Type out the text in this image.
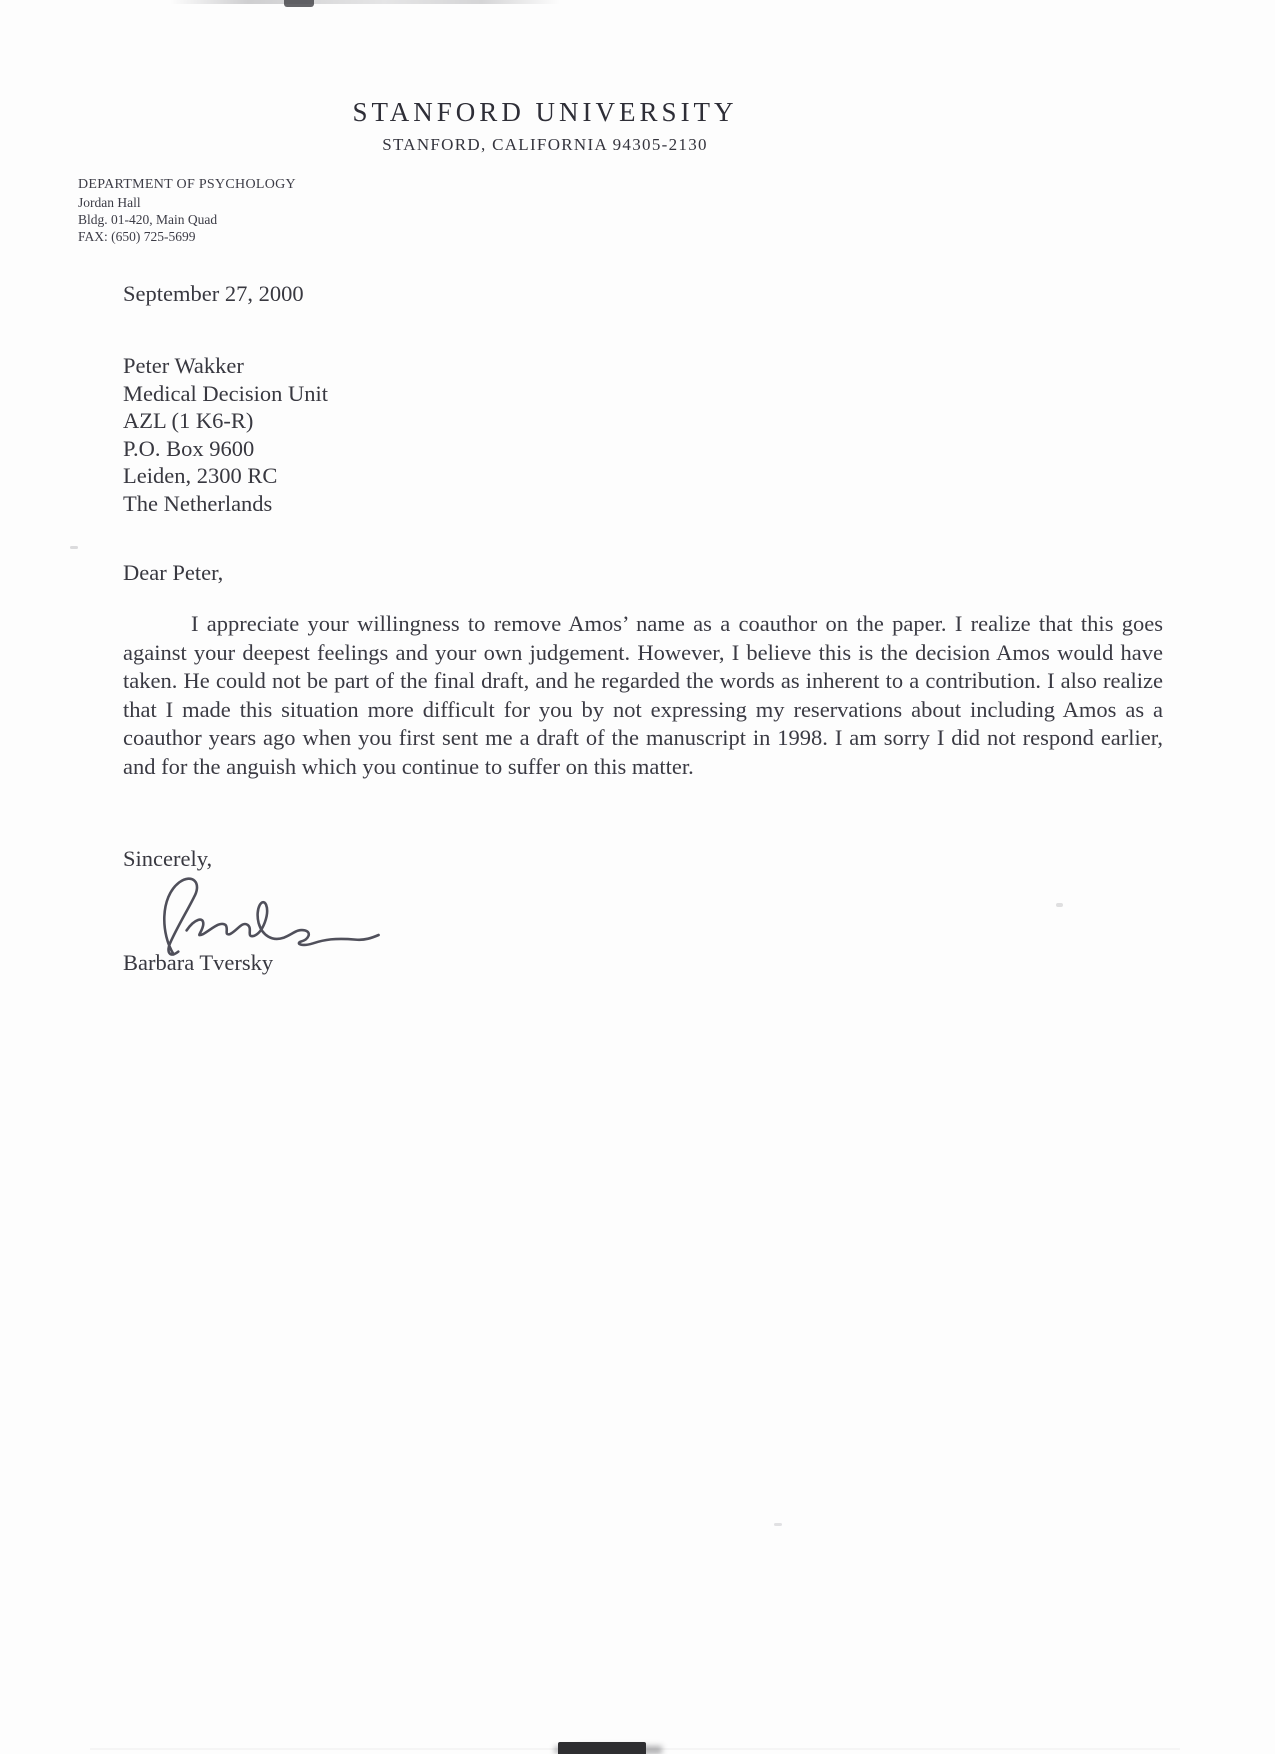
STANFORD UNIVERSITY
STANFORD, CALIFORNIA 94305-2130
DEPARTMENT OF PSYCHOLOGY
Jordan Hall
Bldg. 01-420, Main Quad
FAX: (650) 725-5699
September 27, 2000
Peter Wakker
Medical Decision Unit
AZL (1 K6-R)
P.O. Box 9600
Leiden, 2300 RC
The Netherlands
Dear Peter,
I appreciate your willingness to remove Amos’ name as a coauthor on the paper. I realize that this goes against your deepest feelings and your own judgement. However, I believe this is the decision Amos would have taken. He could not be part of the final draft, and he regarded the words as inherent to a contribution. I also realize that I made this situation more difficult for you by not expressing my reservations about including Amos as a coauthor years ago when you first sent me a draft of the manuscript in 1998. I am sorry I did not respond earlier, and for the anguish which you continue to suffer on this matter.
Sincerely,
Barbara Tversky
